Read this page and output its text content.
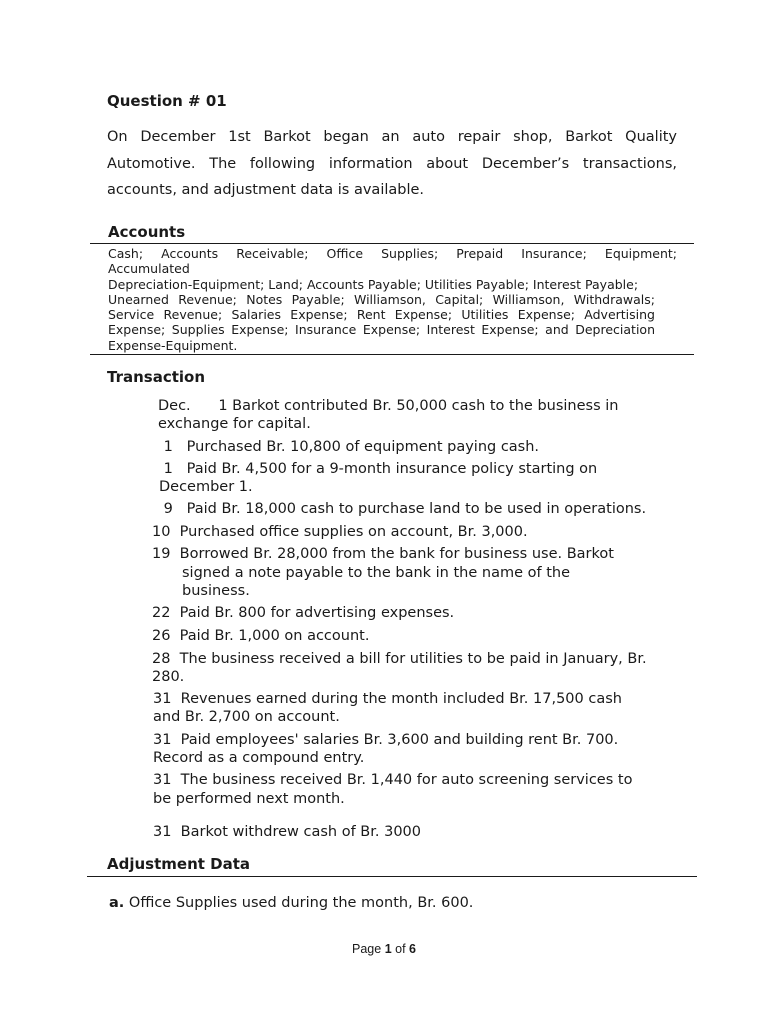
Question # 01
On December 1st Barkot began an auto repair shop, Barkot Quality Automotive. The following information about December’s transactions, accounts, and adjustment data is available.
Accounts
Cash; Accounts Receivable; Office Supplies; Prepaid Insurance; Equipment;
Accumulated
Depreciation-Equipment; Land; Accounts Payable; Utilities Payable; Interest Payable;
Unearned Revenue; Notes Payable; Williamson, Capital; Williamson, Withdrawals;
Service Revenue; Salaries Expense; Rent Expense; Utilities Expense; Advertising
Expense; Supplies Expense; Insurance Expense; Interest Expense; and Depreciation
Expense-Equipment.
Transaction
Dec.      1 Barkot contributed Br. 50,000 cash to the business in
exchange for capital.
1   Purchased Br. 10,800 of equipment paying cash.
1   Paid Br. 4,500 for a 9-month insurance policy starting on
December 1.
9   Paid Br. 18,000 cash to purchase land to be used in operations.
10  Purchased office supplies on account, Br. 3,000.
19  Borrowed Br. 28,000 from the bank for business use. Barkot
signed a note payable to the bank in the name of the
business.
22  Paid Br. 800 for advertising expenses.
26  Paid Br. 1,000 on account.
28  The business received a bill for utilities to be paid in January, Br.
280.
31  Revenues earned during the month included Br. 17,500 cash
and Br. 2,700 on account.
31  Paid employees' salaries Br. 3,600 and building rent Br. 700.
Record as a compound entry.
31  The business received Br. 1,440 for auto screening services to
be performed next month.
31  Barkot withdrew cash of Br. 3000
Adjustment Data
a. Office Supplies used during the month, Br. 600.
Page 1 of 6
